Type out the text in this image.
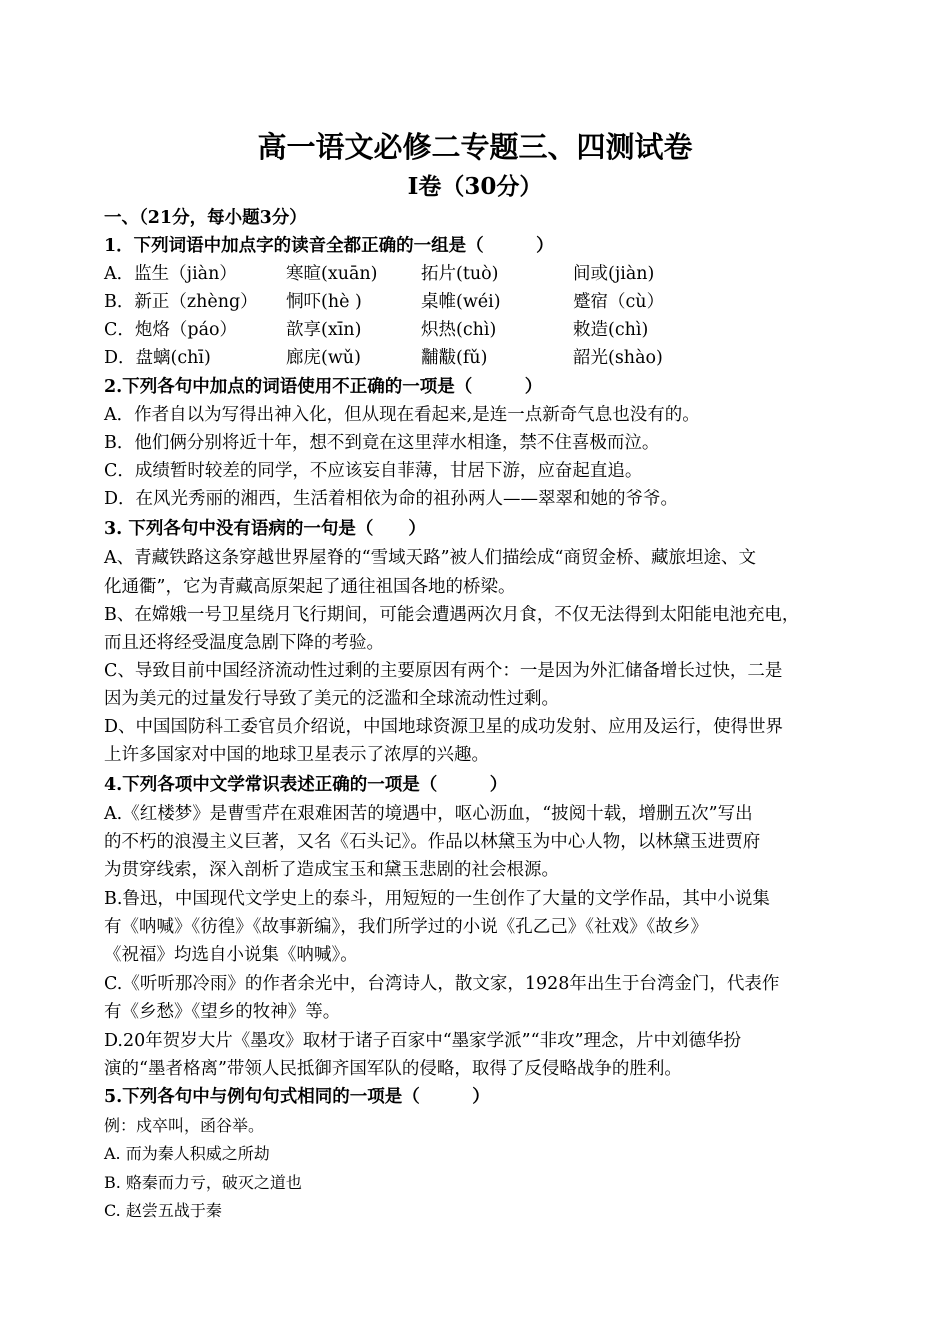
高一语文必修二专题三、四测试卷
Ⅰ卷（30分）
一、（21分，每小题3分）
1．下列词语中加点字的读音全都正确的一组是（　　　）
A．监生（jiàn）	寒暄(xuān) 拓片(tuò)	间或(jiàn)
B．新正（zhèng） 恫吓(hè )	桌帷(wéi)	蹙宿（cù）
C．炮烙（páo）	歆享(xīn)	炽热(chì)	敕造(chì)
D．盘螭(chī)	廊庑(wǔ)	黼黻(fǔ)	韶光(shào)
2.下列各句中加点的词语使用不正确的一项是（　　　）
A．作者自以为写得出神入化，但从现在看起来,是连一点新奇气息也没有的。
B．他们俩分别将近十年，想不到竟在这里萍水相逢，禁不住喜极而泣。
C．成绩暂时较差的同学，不应该妄自菲薄，甘居下游，应奋起直追。
D．在风光秀丽的湘西，生活着相依为命的祖孙两人——翠翠和她的爷爷。
3. 下列各句中没有语病的一句是（　　）
A、青藏铁路这条穿越世界屋脊的“雪域天路”被人们描绘成“商贸金桥、藏旅坦途、文
化通衢”，它为青藏高原架起了通往祖国各地的桥梁。
B、在嫦娥一号卫星绕月飞行期间，可能会遭遇两次月食，不仅无法得到太阳能电池充电，
而且还将经受温度急剧下降的考验。
C、导致目前中国经济流动性过剩的主要原因有两个：一是因为外汇储备增长过快，二是
因为美元的过量发行导致了美元的泛滥和全球流动性过剩。
D、中国国防科工委官员介绍说，中国地球资源卫星的成功发射、应用及运行，使得世界
上许多国家对中国的地球卫星表示了浓厚的兴趣。
4.下列各项中文学常识表述正确的一项是（　　　）
A.《红楼梦》是曹雪芹在艰难困苦的境遇中，呕心沥血，“披阅十载，增删五次”写出
的不朽的浪漫主义巨著，又名《石头记》。作品以林黛玉为中心人物，以林黛玉进贾府
为贯穿线索，深入剖析了造成宝玉和黛玉悲剧的社会根源。
B.鲁迅，中国现代文学史上的泰斗，用短短的一生创作了大量的文学作品，其中小说集
有《呐喊》《彷徨》《故事新编》，我们所学过的小说《孔乙己》《社戏》《故乡》
《祝福》均选自小说集《呐喊》。
C.《听听那冷雨》的作者余光中，台湾诗人，散文家，1928年出生于台湾金门，代表作
有《乡愁》《望乡的牧神》等。
D.20年贺岁大片《墨攻》取材于诸子百家中“墨家学派”“非攻”理念，片中刘德华扮
演的“墨者格离”带领人民抵御齐国军队的侵略，取得了反侵略战争的胜利。
5.下列各句中与例句句式相同的一项是（　　　）
例：戍卒叫，函谷举。
A. 而为秦人积威之所劫
B. 赂秦而力亏，破灭之道也
C. 赵尝五战于秦
